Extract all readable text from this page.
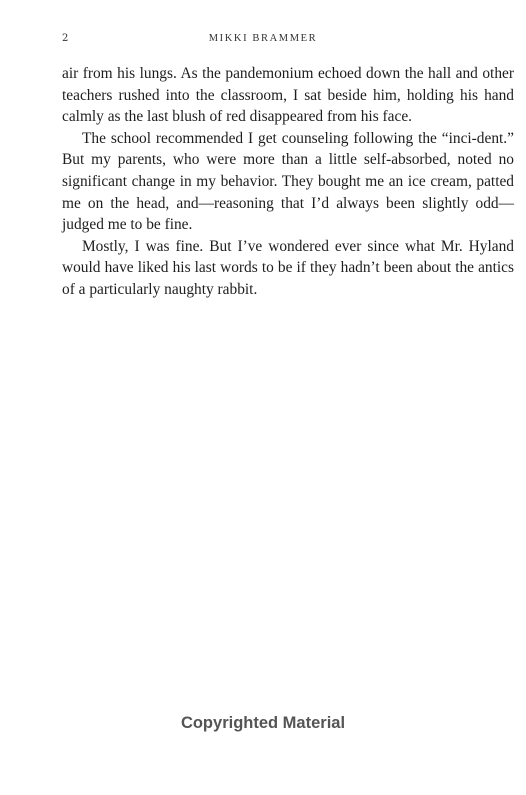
2	MIKKI BRAMMER

air from his lungs. As the pandemonium echoed down the hall and other teachers rushed into the classroom, I sat beside him, holding his hand calmly as the last blush of red disappeared from his face.

The school recommended I get counseling following the “inci-dent.” But my parents, who were more than a little self-absorbed, noted no significant change in my behavior. They bought me an ice cream, patted me on the head, and—reasoning that I’d always been slightly odd—judged me to be fine.

Mostly, I was fine. But I’ve wondered ever since what Mr. Hyland would have liked his last words to be if they hadn’t been about the antics of a particularly naughty rabbit.

Copyrighted Material
